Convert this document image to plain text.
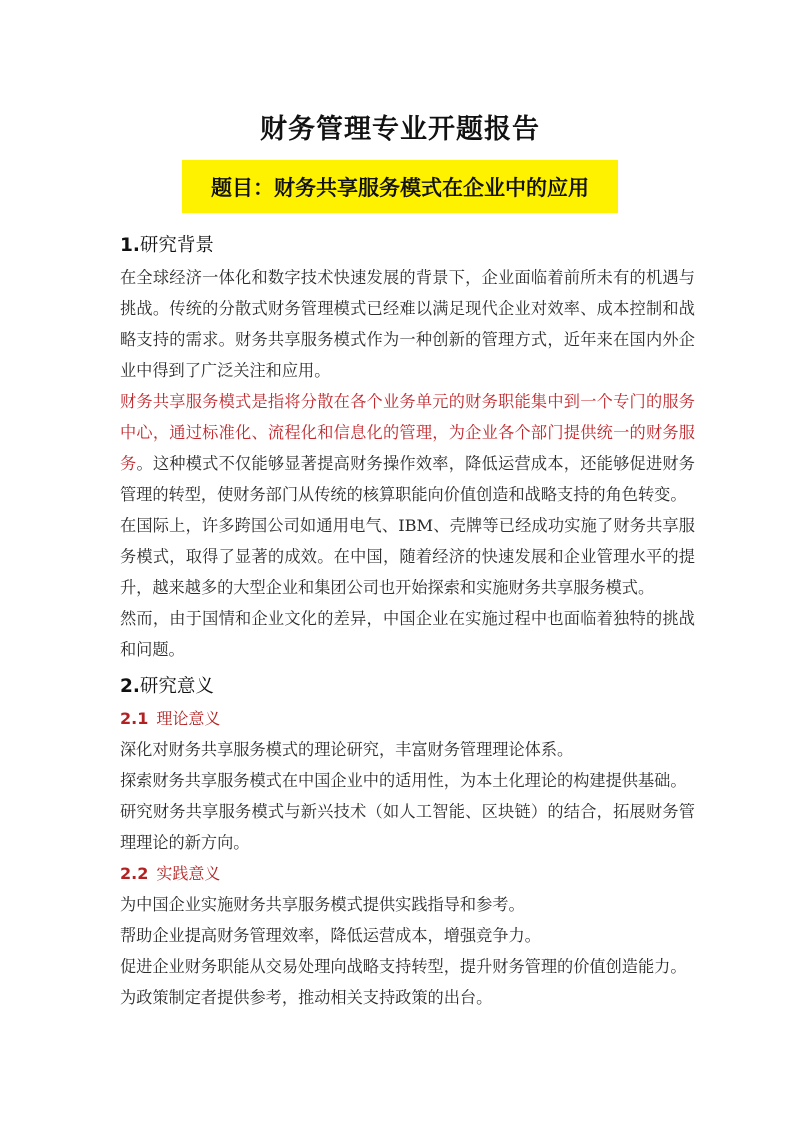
财务管理专业开题报告
题目：财务共享服务模式在企业中的应用
1.研究背景

在全球经济一体化和数字技术快速发展的背景下，企业面临着前所未有的机遇与挑战。传统的分散式财务管理模式已经难以满足现代企业对效率、成本控制和战略支持的需求。财务共享服务模式作为一种创新的管理方式，近年来在国内外企业中得到了广泛关注和应用。

财务共享服务模式是指将分散在各个业务单元的财务职能集中到一个专门的服务中心，通过标准化、流程化和信息化的管理，为企业各个部门提供统一的财务服务。这种模式不仅能够显著提高财务操作效率，降低运营成本，还能够促进财务管理的转型，使财务部门从传统的核算职能向价值创造和战略支持的角色转变。

在国际上，许多跨国公司如通用电气、IBM、壳牌等已经成功实施了财务共享服务模式，取得了显著的成效。在中国，随着经济的快速发展和企业管理水平的提升，越来越多的大型企业和集团公司也开始探索和实施财务共享服务模式。

然而，由于国情和企业文化的差异，中国企业在实施过程中也面临着独特的挑战和问题。

2.研究意义
2.1 理论意义

深化对财务共享服务模式的理论研究，丰富财务管理理论体系。

探索财务共享服务模式在中国企业中的适用性，为本土化理论的构建提供基础。

研究财务共享服务模式与新兴技术（如人工智能、区块链）的结合，拓展财务管理理论的新方向。

2.2 实践意义

为中国企业实施财务共享服务模式提供实践指导和参考。

帮助企业提高财务管理效率，降低运营成本，增强竞争力。

促进企业财务职能从交易处理向战略支持转型，提升财务管理的价值创造能力。

为政策制定者提供参考，推动相关支持政策的出台。
